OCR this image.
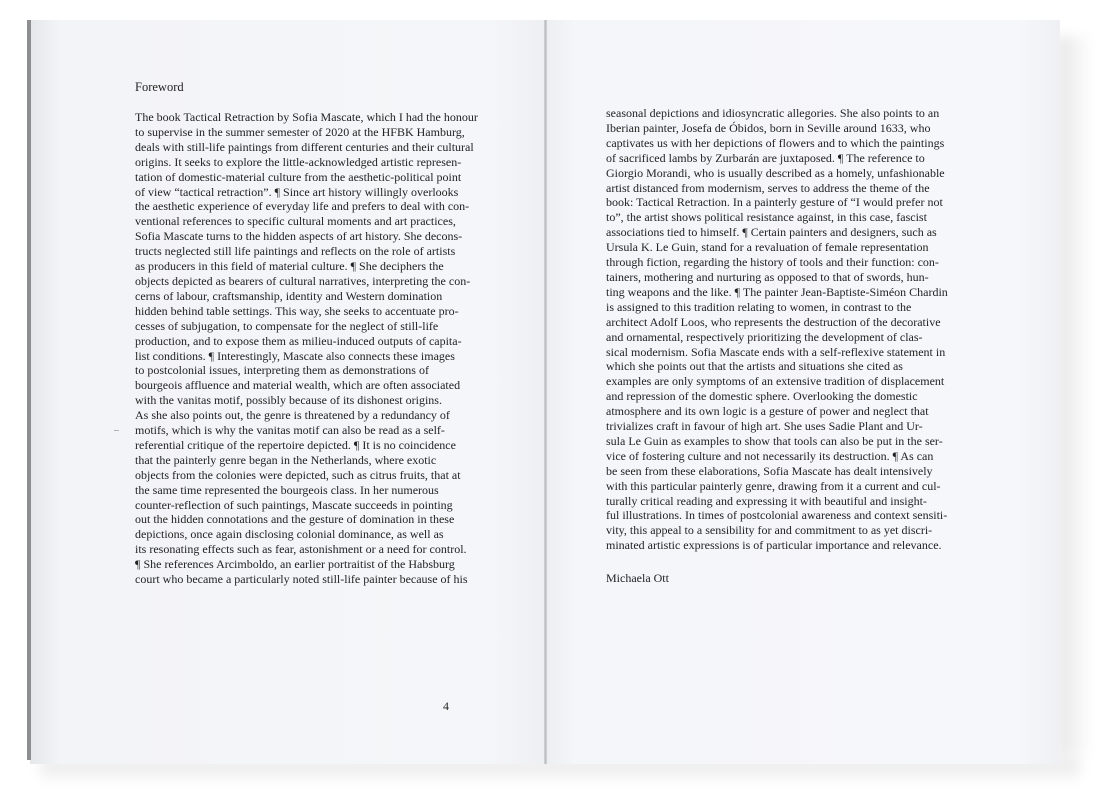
Foreword
The book Tactical Retraction by Sofia Mascate, which I had the honour
to supervise in the summer semester of 2020 at the HFBK Hamburg,
deals with still-life paintings from different centuries and their cultural
origins. It seeks to explore the little-acknowledged artistic represen-
tation of domestic-material culture from the aesthetic-political point
of view “tactical retraction”. ¶ Since art history willingly overlooks
the aesthetic experience of everyday life and prefers to deal with con-
ventional references to specific cultural moments and art practices,
Sofia Mascate turns to the hidden aspects of art history. She decons-
tructs neglected still life paintings and reflects on the role of artists
as producers in this field of material culture. ¶ She deciphers the
objects depicted as bearers of cultural narratives, interpreting the con-
cerns of labour, craftsmanship, identity and Western domination
hidden behind table settings. This way, she seeks to accentuate pro-
cesses of subjugation, to compensate for the neglect of still-life
production, and to expose them as milieu-induced outputs of capita-
list conditions. ¶ Interestingly, Mascate also connects these images
to postcolonial issues, interpreting them as demonstrations of
bourgeois affluence and material wealth, which are often associated
with the vanitas motif, possibly because of its dishonest origins.
As she also points out, the genre is threatened by a redundancy of
motifs, which is why the vanitas motif can also be read as a self-
referential critique of the repertoire depicted. ¶ It is no coincidence
that the painterly genre began in the Netherlands, where exotic
objects from the colonies were depicted, such as citrus fruits, that at
the same time represented the bourgeois class. In her numerous
counter-reflection of such paintings, Mascate succeeds in pointing
out the hidden connotations and the gesture of domination in these
depictions, once again disclosing colonial dominance, as well as
its resonating effects such as fear, astonishment or a need for control.
¶ She references Arcimboldo, an earlier portraitist of the Habsburg
court who became a particularly noted still-life painter because of his
4
seasonal depictions and idiosyncratic allegories. She also points to an
Iberian painter, Josefa de Óbidos, born in Seville around 1633, who
captivates us with her depictions of flowers and to which the paintings
of sacrificed lambs by Zurbarán are juxtaposed. ¶ The reference to
Giorgio Morandi, who is usually described as a homely, unfashionable
artist distanced from modernism, serves to address the theme of the
book: Tactical Retraction. In a painterly gesture of “I would prefer not
to”, the artist shows political resistance against, in this case, fascist
associations tied to himself. ¶ Certain painters and designers, such as
Ursula K. Le Guin, stand for a revaluation of female representation
through fiction, regarding the history of tools and their function: con-
tainers, mothering and nurturing as opposed to that of swords, hun-
ting weapons and the like. ¶ The painter Jean-Baptiste-Siméon Chardin
is assigned to this tradition relating to women, in contrast to the
architect Adolf Loos, who represents the destruction of the decorative
and ornamental, respectively prioritizing the development of clas-
sical modernism. Sofia Mascate ends with a self-reflexive statement in
which she points out that the artists and situations she cited as
examples are only symptoms of an extensive tradition of displacement
and repression of the domestic sphere. Overlooking the domestic
atmosphere and its own logic is a gesture of power and neglect that
trivializes craft in favour of high art. She uses Sadie Plant and Ur-
sula Le Guin as examples to show that tools can also be put in the ser-
vice of fostering culture and not necessarily its destruction. ¶ As can
be seen from these elaborations, Sofia Mascate has dealt intensively
with this particular painterly genre, drawing from it a current and cul-
turally critical reading and expressing it with beautiful and insight-
ful illustrations. In times of postcolonial awareness and context sensiti-
vity, this appeal to a sensibility for and commitment to as yet discri-
minated artistic expressions is of particular importance and relevance.
Michaela Ott
